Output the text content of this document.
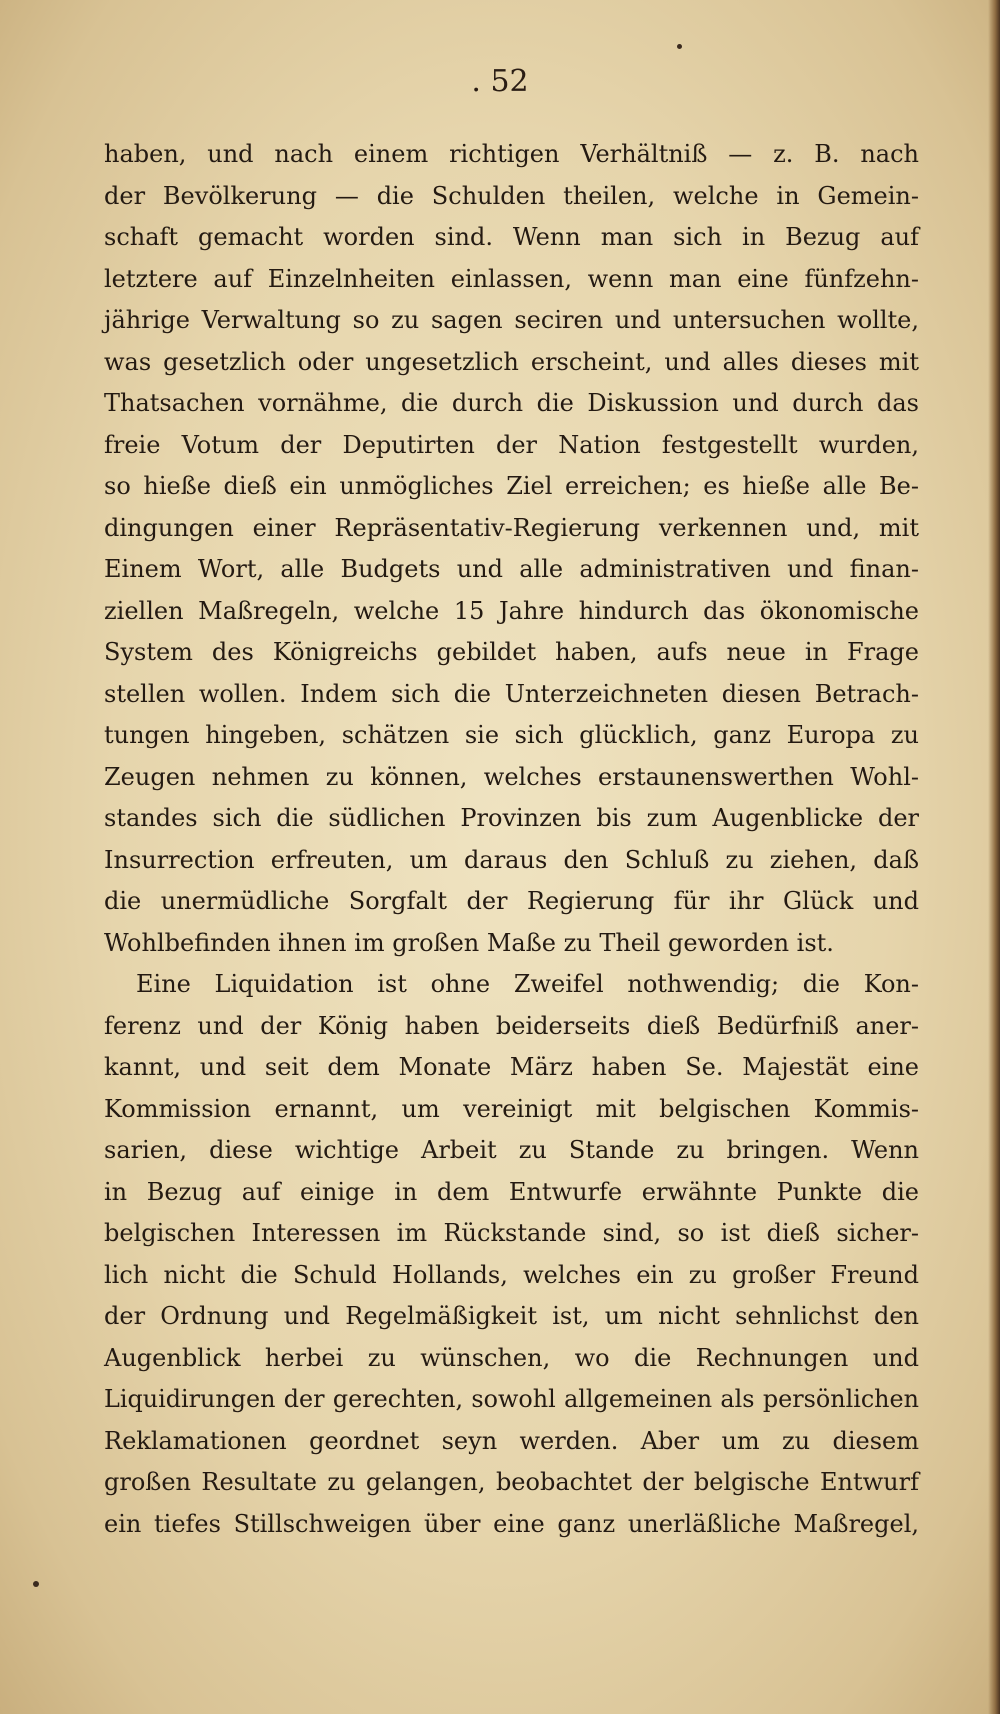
. 52
haben, und nach einem richtigen Verhältniß — z. B. nach
der Bevölkerung — die Schulden theilen, welche in Gemein-
schaft gemacht worden sind. Wenn man sich in Bezug auf
letztere auf Einzelnheiten einlassen, wenn man eine fünfzehn-
jährige Verwaltung so zu sagen seciren und untersuchen wollte,
was gesetzlich oder ungesetzlich erscheint, und alles dieses mit
Thatsachen vornähme, die durch die Diskussion und durch das
freie Votum der Deputirten der Nation festgestellt wurden,
so hieße dieß ein unmögliches Ziel erreichen; es hieße alle Be-
dingungen einer Repräsentativ-Regierung verkennen und, mit
Einem Wort, alle Budgets und alle administrativen und finan-
ziellen Maßregeln, welche 15 Jahre hindurch das ökonomische
System des Königreichs gebildet haben, aufs neue in Frage
stellen wollen. Indem sich die Unterzeichneten diesen Betrach-
tungen hingeben, schätzen sie sich glücklich, ganz Europa zu
Zeugen nehmen zu können, welches erstaunenswerthen Wohl-
standes sich die südlichen Provinzen bis zum Augenblicke der
Insurrection erfreuten, um daraus den Schluß zu ziehen, daß
die unermüdliche Sorgfalt der Regierung für ihr Glück und
Wohlbefinden ihnen im großen Maße zu Theil geworden ist.
Eine Liquidation ist ohne Zweifel nothwendig; die Kon-
ferenz und der König haben beiderseits dieß Bedürfniß aner-
kannt, und seit dem Monate März haben Se. Majestät eine
Kommission ernannt, um vereinigt mit belgischen Kommis-
sarien, diese wichtige Arbeit zu Stande zu bringen. Wenn
in Bezug auf einige in dem Entwurfe erwähnte Punkte die
belgischen Interessen im Rückstande sind, so ist dieß sicher-
lich nicht die Schuld Hollands, welches ein zu großer Freund
der Ordnung und Regelmäßigkeit ist, um nicht sehnlichst den
Augenblick herbei zu wünschen, wo die Rechnungen und
Liquidirungen der gerechten, sowohl allgemeinen als persönlichen
Reklamationen geordnet seyn werden. Aber um zu diesem
großen Resultate zu gelangen, beobachtet der belgische Entwurf
ein tiefes Stillschweigen über eine ganz unerläßliche Maßregel,
